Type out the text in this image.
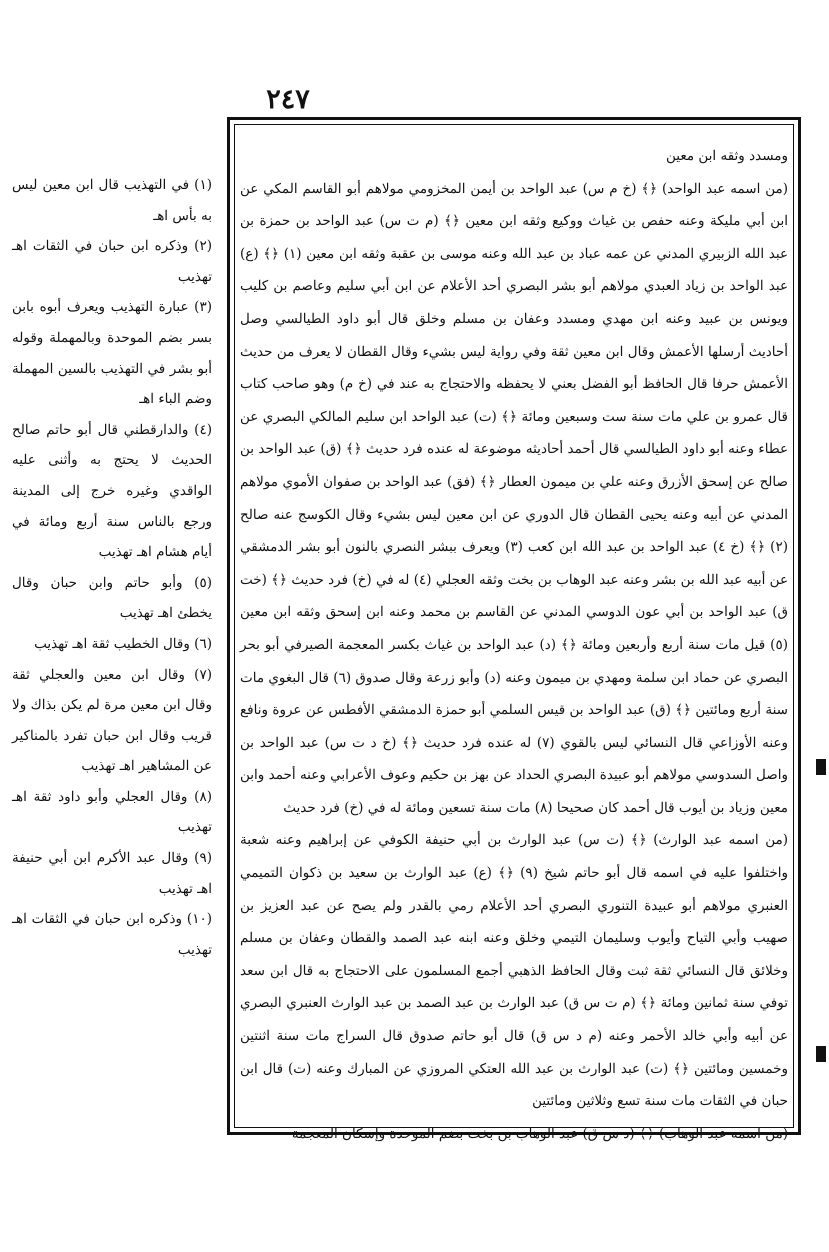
٢٤٧

ومسدد وثقه ابن معين

(من اسمه عبد الواحد) ﴿﴾ (خ م س) عبد الواحد بن أيمن المخزومي مولاهم أبو القاسم المكي عن ابن أبي مليكة وعنه حفص بن غياث ووكيع وثقه ابن معين ﴿﴾ (م ت س) عبد الواحد بن حمزة بن عبد الله الزبيري المدني عن عمه عباد بن عبد الله وعنه موسى بن عقبة وثقه ابن معين (١) ﴿﴾ (ع) عبد الواحد بن زياد العبدي مولاهم أبو بشر البصري أحد الأعلام عن ابن أبي سليم وعاصم بن كليب ويونس بن عبيد وعنه ابن مهدي ومسدد وعفان بن مسلم وخلق قال أبو داود الطيالسي وصل أحاديث أرسلها الأعمش وقال ابن معين ثقة وفي رواية ليس بشيء وقال القطان لا يعرف من حديث الأعمش حرفا قال الحافظ أبو الفضل بعني لا يحفظه والاحتجاج به عند في (خ م) وهو صاحب كتاب قال عمرو بن علي مات سنة ست وسبعين ومائة ﴿﴾ (ت) عبد الواحد ابن سليم المالكي البصري عن عطاء وعنه أبو داود الطيالسي قال أحمد أحاديثه موضوعة له عنده فرد حديث ﴿﴾ (ق) عبد الواحد بن صالح عن إسحق الأزرق وعنه علي بن ميمون العطار ﴿﴾ (فق) عبد الواحد بن صفوان الأموي مولاهم المدني عن أبيه وعنه يحيى القطان قال الدوري عن ابن معين ليس بشيء وقال الكوسج عنه صالح (٢) ﴿﴾ (خ ٤) عبد الواحد بن عبد الله ابن كعب (٣) ويعرف ببشر النصري بالنون أبو بشر الدمشقي عن أبيه عبد الله بن بشر وعنه عبد الوهاب بن بخت وثقه العجلي (٤) له في (خ) فرد حديث ﴿﴾ (خت ق) عبد الواحد بن أبي عون الدوسي المدني عن القاسم بن محمد وعنه ابن إسحق وثقه ابن معين (٥) قيل مات سنة أربع وأربعين ومائة ﴿﴾ (د) عبد الواحد بن غياث بكسر المعجمة الصيرفي أبو بحر البصري عن حماد ابن سلمة ومهدي بن ميمون وعنه (د) وأبو زرعة وقال صدوق (٦) قال البغوي مات سنة أربع ومائتين ﴿﴾ (ق) عبد الواحد بن قيس السلمي أبو حمزة الدمشقي الأفطس عن عروة ونافع وعنه الأوزاعي قال النسائي ليس بالقوي (٧) له عنده فرد حديث ﴿﴾ (خ د ت س) عبد الواحد بن واصل السدوسي مولاهم أبو عبيدة البصري الحداد عن بهز بن حكيم وعوف الأعرابي وعنه أحمد وابن معين وزياد بن أيوب قال أحمد كان صحيحا (٨) مات سنة تسعين ومائة له في (خ) فرد حديث

(من اسمه عبد الوارث) ﴿﴾ (ت س) عبد الوارث بن أبي حنيفة الكوفي عن إبراهيم وعنه شعبة واختلفوا عليه في اسمه قال أبو حاتم شيخ (٩) ﴿﴾ (ع) عبد الوارث بن سعيد بن ذكوان التميمي العنبري مولاهم أبو عبيدة التنوري البصري أحد الأعلام رمي بالقدر ولم يصح عن عبد العزيز بن صهيب وأبي التياح وأيوب وسليمان التيمي وخلق وعنه ابنه عبد الصمد والقطان وعفان بن مسلم وخلائق قال النسائي ثقة ثبت وقال الحافظ الذهبي أجمع المسلمون على الاحتجاج به قال ابن سعد توفي سنة ثمانين ومائة ﴿﴾ (م ت س ق) عبد الوارث بن عبد الصمد بن عبد الوارث العنبري البصري عن أبيه وأبي خالد الأحمر وعنه (م د س ق) قال أبو حاتم صدوق قال السراج مات سنة اثنتين وخمسين ومائتين ﴿﴾ (ت) عبد الوارث بن عبد الله العتكي المروزي عن المبارك وعنه (ت) قال ابن حبان في الثقات مات سنة تسع وثلاثين ومائتين

(من اسمه عبد الوهاب) ﴿﴾ (د س ق) عبد الوهاب بن بخت بضم الموحدة وإسكان المعجمة

(١) في التهذيب قال ابن معين ليس به بأس اهـ

(٢) وذكره ابن حبان في الثقات اهـ تهذيب

(٣) عبارة التهذيب ويعرف أبوه بابن بسر بضم الموحدة وبالمهملة وقوله أبو بشر في التهذيب بالسين المهملة وضم الباء اهـ

(٤) والدارقطني قال أبو حاتم صالح الحديث لا يحتج به وأثنى عليه الواقدي وغيره خرج إلى المدينة ورجع بالناس سنة أربع ومائة في أيام هشام اهـ تهذيب

(٥) وأبو حاتم وابن حبان وقال يخطئ اهـ تهذيب

(٦) وقال الخطيب ثقة اهـ تهذيب

(٧) وقال ابن معين والعجلي ثقة وقال ابن معين مرة لم يكن بذاك ولا قريب وقال ابن حبان تفرد بالمناكير عن المشاهير اهـ تهذيب

(٨) وقال العجلي وأبو داود ثقة اهـ تهذيب

(٩) وقال عبد الأكرم ابن أبي حنيفة اهـ تهذيب

(١٠) وذكره ابن حبان في الثقات اهـ تهذيب
